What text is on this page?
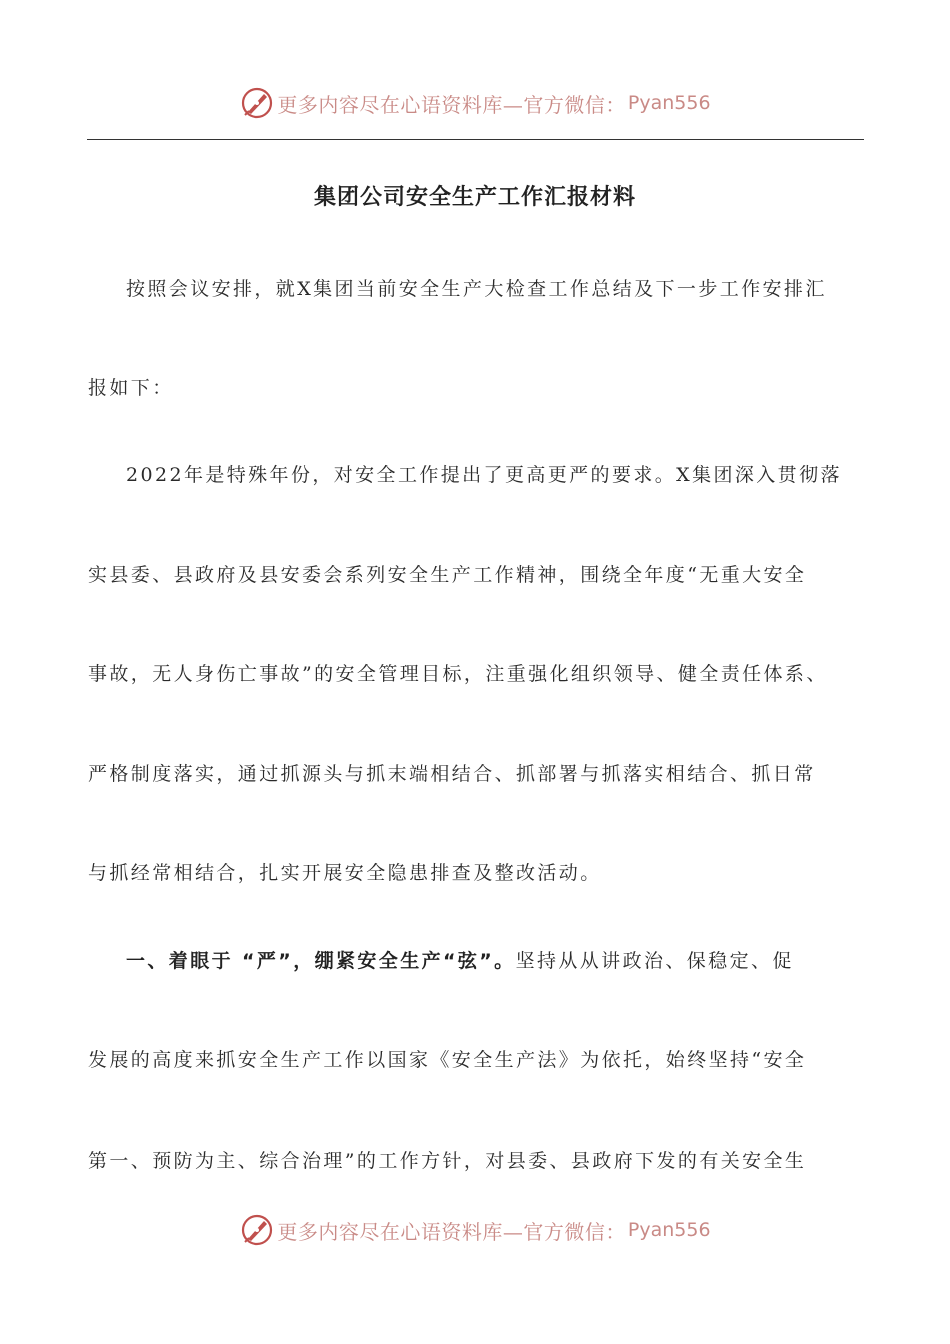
更多内容尽在心语资料库—官方微信： Pyan556
集团公司安全生产工作汇报材料
按照会议安排，就X集团当前安全生产大检查工作总结及下一步工作安排汇
报如下：
2022年是特殊年份，对安全工作提出了更高更严的要求。X集团深入贯彻落
实县委、县政府及县安委会系列安全生产工作精神，围绕全年度“无重大安全
事故，无人身伤亡事故”的安全管理目标，注重强化组织领导、健全责任体系、
严格制度落实，通过抓源头与抓末端相结合、抓部署与抓落实相结合、抓日常
与抓经常相结合，扎实开展安全隐患排查及整改活动。
一、着眼于 “严”，绷紧安全生产“弦”。坚持从从讲政治、保稳定、促
发展的高度来抓安全生产工作以国家《安全生产法》为依托，始终坚持“安全
第一、预防为主、综合治理”的工作方针，对县委、县政府下发的有关安全生
更多内容尽在心语资料库—官方微信： Pyan556
